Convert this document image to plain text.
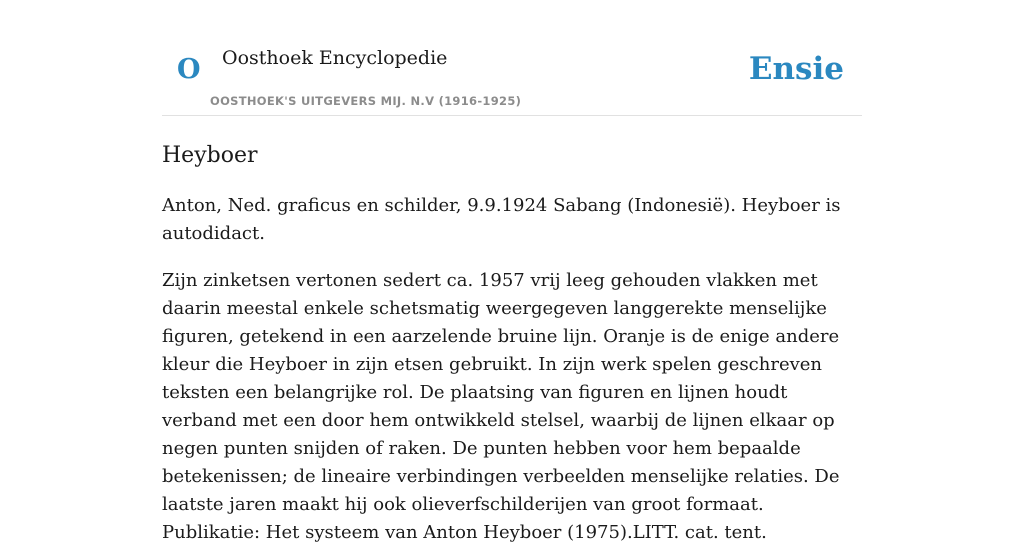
O Oosthoek Encyclopedie
OOSTHOEK'S UITGEVERS MIJ. N.V (1916-1925)
Ensie
Heyboer

Anton, Ned. graficus en schilder, 9.9.1924 Sabang (Indonesië). Heyboer is autodidact.

Zijn zinketsen vertonen sedert ca. 1957 vrij leeg gehouden vlakken met daarin meestal enkele schetsmatig weergegeven langgerekte menselijke figuren, getekend in een aarzelende bruine lijn. Oranje is de enige andere kleur die Heyboer in zijn etsen gebruikt. In zijn werk spelen geschreven teksten een belangrijke rol. De plaatsing van figuren en lijnen houdt verband met een door hem ontwikkeld stelsel, waarbij de lijnen elkaar op negen punten snijden of raken. De punten hebben voor hem bepaalde betekenissen; de lineaire verbindingen verbeelden menselijke relaties. De laatste jaren maakt hij ook olieverfschilderijen van groot formaat. Publikatie: Het systeem van Anton Heyboer (1975).LITT. cat. tent.
